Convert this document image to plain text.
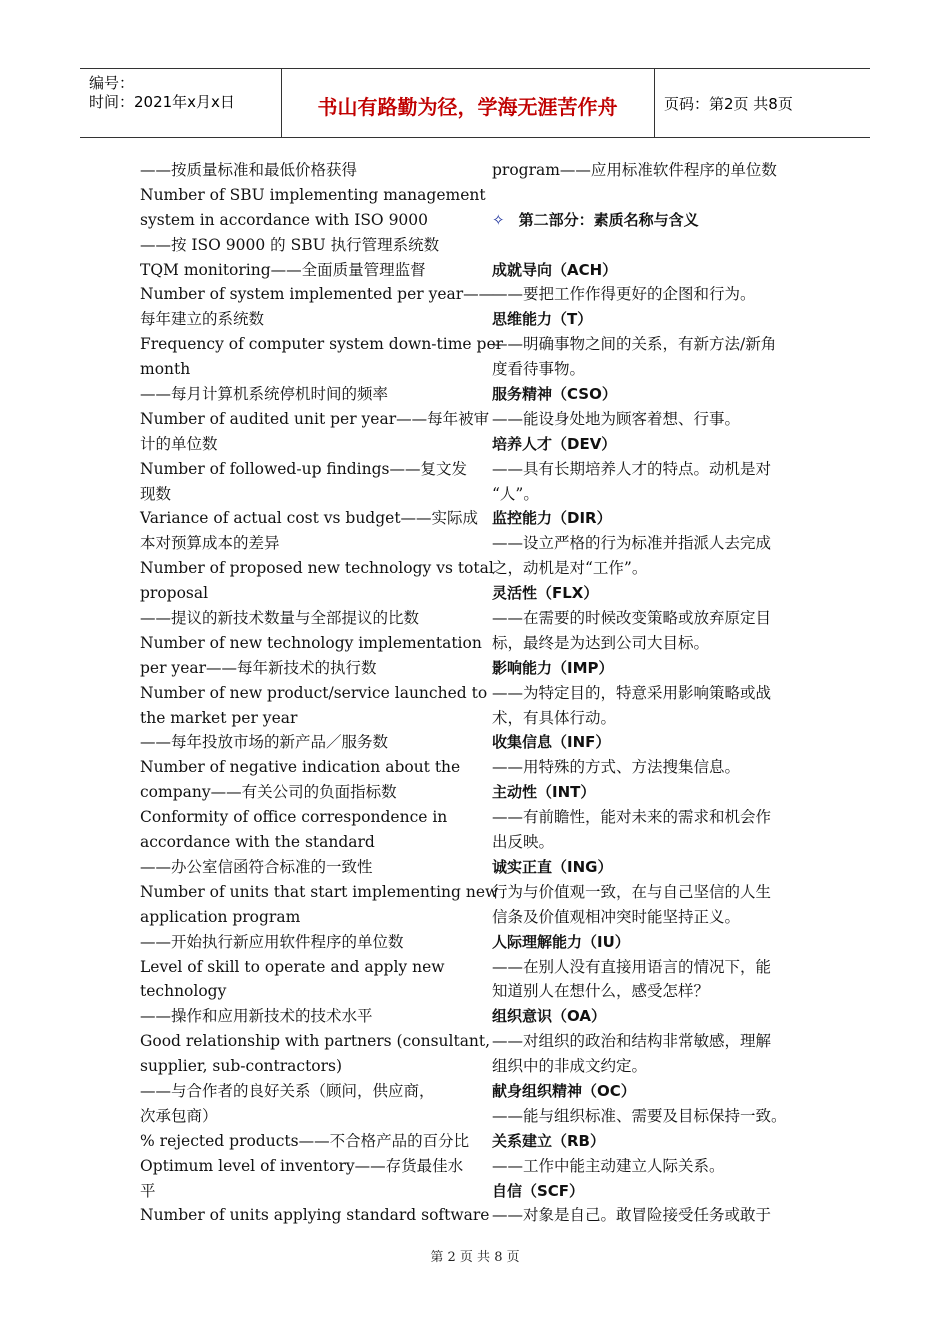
编号：
时间：2021年x月x日	书山有路勤为径，学海无涯苦作舟	页码：第2页 共8页
——按质量标准和最低价格获得
Number of SBU implementing management
system in accordance with ISO 9000
——按 ISO 9000 的 SBU 执行管理系统数
TQM monitoring——全面质量管理监督
Number of system implemented per year——
每年建立的系统数
Frequency of computer system down-time per
month
——每月计算机系统停机时间的频率
Number of audited unit per year——每年被审
计的单位数
Number of followed-up findings——复文发
现数
Variance of actual cost vs budget——实际成
本对预算成本的差异
Number of proposed new technology vs total
proposal
——提议的新技术数量与全部提议的比数
Number of new technology implementation
per year——每年新技术的执行数
Number of new product/service launched to
the market per year
——每年投放市场的新产品／服务数
Number of negative indication about the
company——有关公司的负面指标数
Conformity of office correspondence in
accordance with the standard
——办公室信函符合标准的一致性
Number of units that start implementing new
application program
——开始执行新应用软件程序的单位数
Level of skill to operate and apply new
technology
——操作和应用新技术的技术水平
Good relationship with partners (consultant,
supplier, sub-contractors)
——与合作者的良好关系（顾问，供应商，
次承包商）
% rejected products——不合格产品的百分比
Optimum level of inventory——存货最佳水
平
Number of units applying standard software
program——应用标准软件程序的单位数
✧ 第二部分：素质名称与含义
成就导向（ACH）
——要把工作作得更好的企图和行为。
思维能力（T）
——明确事物之间的关系，有新方法/新角
度看待事物。
服务精神（CSO）
——能设身处地为顾客着想、行事。
培养人才（DEV）
——具有长期培养人才的特点。动机是对
“人”。
监控能力（DIR）
——设立严格的行为标准并指派人去完成
之，动机是对“工作”。
灵活性（FLX）
——在需要的时候改变策略或放弃原定目
标，最终是为达到公司大目标。
影响能力（IMP）
——为特定目的，特意采用影响策略或战
术，有具体行动。
收集信息（INF）
——用特殊的方式、方法搜集信息。
主动性（INT）
——有前瞻性，能对未来的需求和机会作
出反映。
诚实正直（ING）
行为与价值观一致，在与自己坚信的人生
信条及价值观相冲突时能坚持正义。
人际理解能力（IU）
——在别人没有直接用语言的情况下，能
知道别人在想什么，感受怎样？
组织意识（OA）
——对组织的政治和结构非常敏感，理解
组织中的非成文约定。
献身组织精神（OC）
——能与组织标准、需要及目标保持一致。
关系建立（RB）
——工作中能主动建立人际关系。
自信（SCF）
——对象是自己。敢冒险接受任务或敢于
第 2 页 共 8 页
